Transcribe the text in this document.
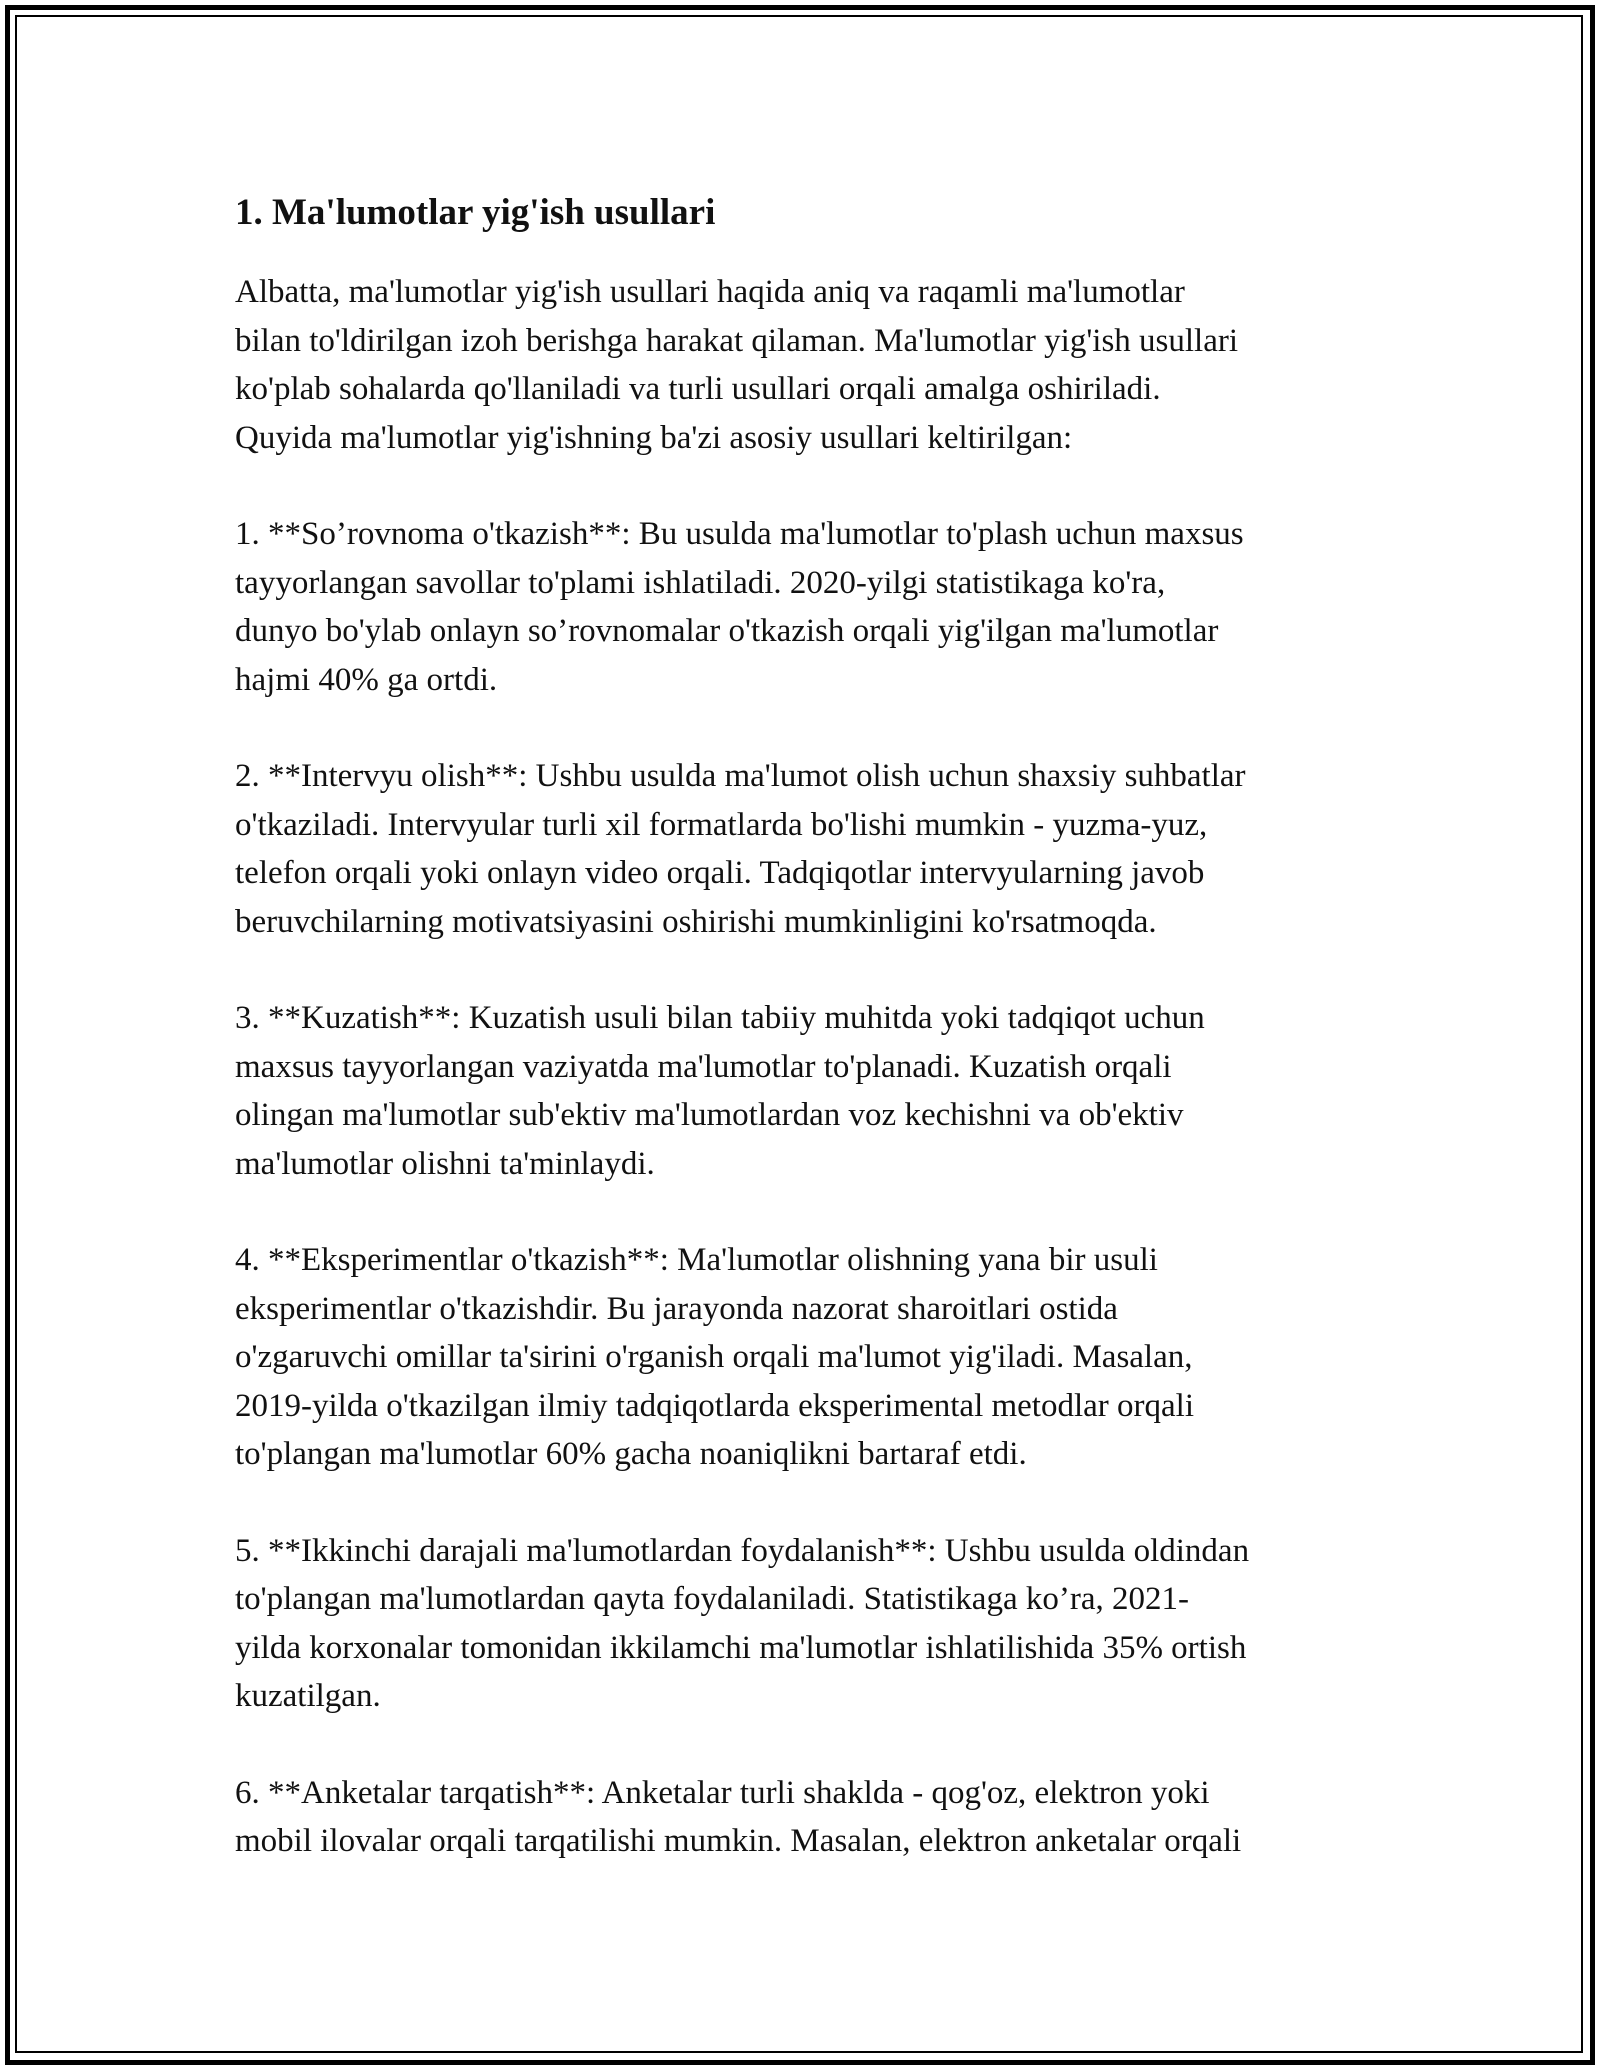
1. Ma'lumotlar yig'ish usullari

Albatta, ma'lumotlar yig'ish usullari haqida aniq va raqamli ma'lumotlar
bilan to'ldirilgan izoh berishga harakat qilaman. Ma'lumotlar yig'ish usullari
ko'plab sohalarda qo'llaniladi va turli usullari orqali amalga oshiriladi.
Quyida ma'lumotlar yig'ishning ba'zi asosiy usullari keltirilgan:

1. **So’rovnoma o'tkazish**: Bu usulda ma'lumotlar to'plash uchun maxsus
tayyorlangan savollar to'plami ishlatiladi. 2020-yilgi statistikaga ko'ra,
dunyo bo'ylab onlayn so’rovnomalar o'tkazish orqali yig'ilgan ma'lumotlar
hajmi 40% ga ortdi.

2. **Intervyu olish**: Ushbu usulda ma'lumot olish uchun shaxsiy suhbatlar
o'tkaziladi. Intervyular turli xil formatlarda bo'lishi mumkin - yuzma-yuz,
telefon orqali yoki onlayn video orqali. Tadqiqotlar intervyularning javob
beruvchilarning motivatsiyasini oshirishi mumkinligini ko'rsatmoqda.

3. **Kuzatish**: Kuzatish usuli bilan tabiiy muhitda yoki tadqiqot uchun
maxsus tayyorlangan vaziyatda ma'lumotlar to'planadi. Kuzatish orqali
olingan ma'lumotlar sub'ektiv ma'lumotlardan voz kechishni va ob'ektiv
ma'lumotlar olishni ta'minlaydi.

4. **Eksperimentlar o'tkazish**: Ma'lumotlar olishning yana bir usuli
eksperimentlar o'tkazishdir. Bu jarayonda nazorat sharoitlari ostida
o'zgaruvchi omillar ta'sirini o'rganish orqali ma'lumot yig'iladi. Masalan,
2019-yilda o'tkazilgan ilmiy tadqiqotlarda eksperimental metodlar orqali
to'plangan ma'lumotlar 60% gacha noaniqlikni bartaraf etdi.

5. **Ikkinchi darajali ma'lumotlardan foydalanish**: Ushbu usulda oldindan
to'plangan ma'lumotlardan qayta foydalaniladi. Statistikaga ko’ra, 2021-
yilda korxonalar tomonidan ikkilamchi ma'lumotlar ishlatilishida 35% ortish
kuzatilgan.

6. **Anketalar tarqatish**: Anketalar turli shaklda - qog'oz, elektron yoki
mobil ilovalar orqali tarqatilishi mumkin. Masalan, elektron anketalar orqali
